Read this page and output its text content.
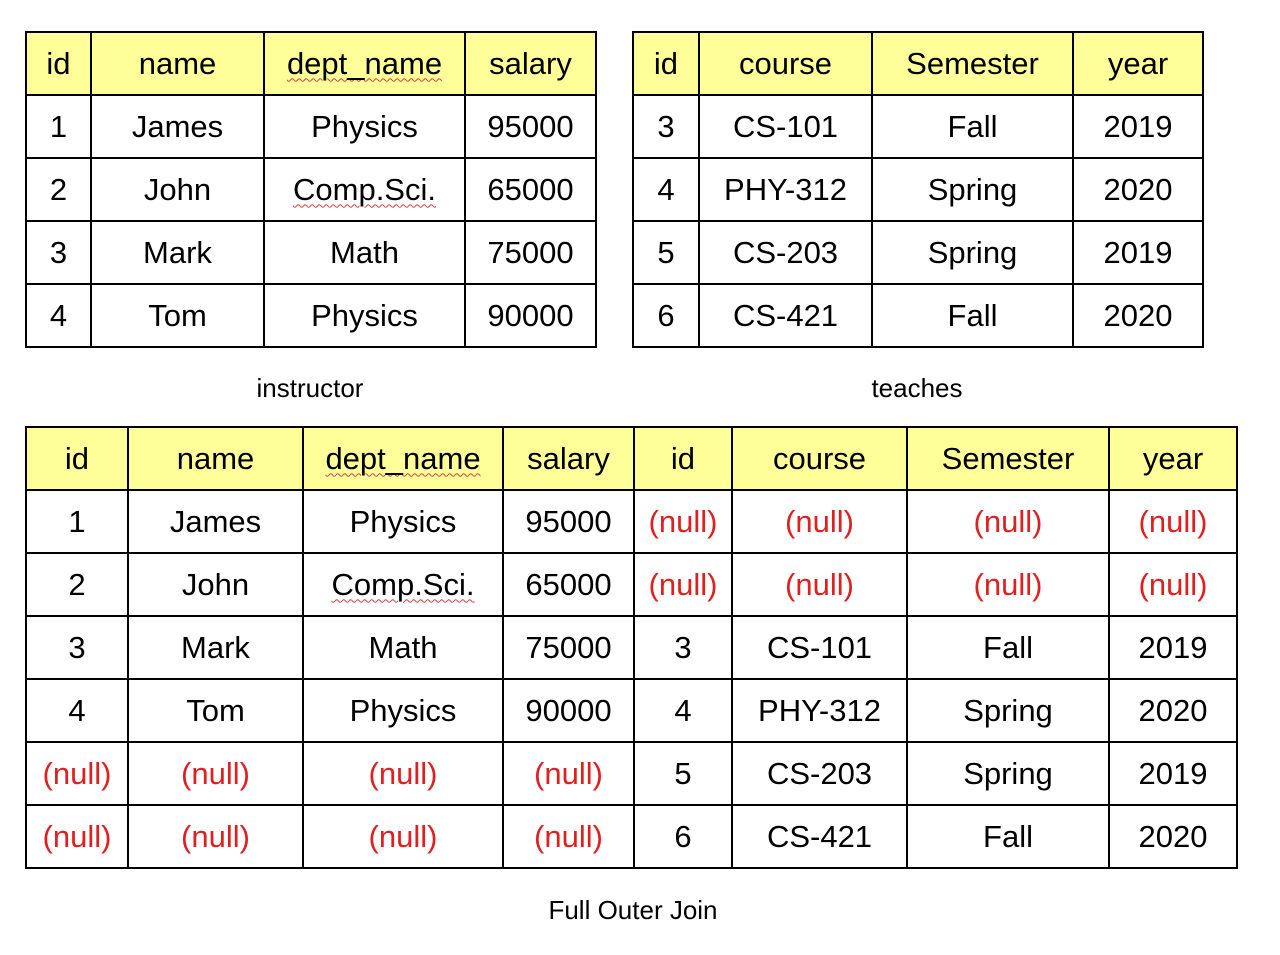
id	name	dept_name	salary
1	James	Physics	95000
2	John	Comp.Sci.	65000
3	Mark	Math	75000
4	Tom	Physics	90000
id	course	Semester	year
3	CS-101	Fall	2019
4	PHY-312	Spring	2020
5	CS-203	Spring	2019
6	CS-421	Fall	2020
instructor	teaches
id	name	dept_name	salary	id	course	Semester	year
1	James	Physics	95000	(null)	(null)	(null)	(null)
2	John	Comp.Sci.	65000	(null)	(null)	(null)	(null)
3	Mark	Math	75000	3	CS-101	Fall	2019
4	Tom	Physics	90000	4	PHY-312	Spring	2020
(null)	(null)	(null)	(null)	5	CS-203	Spring	2019
(null)	(null)	(null)	(null)	6	CS-421	Fall	2020
Full Outer Join
